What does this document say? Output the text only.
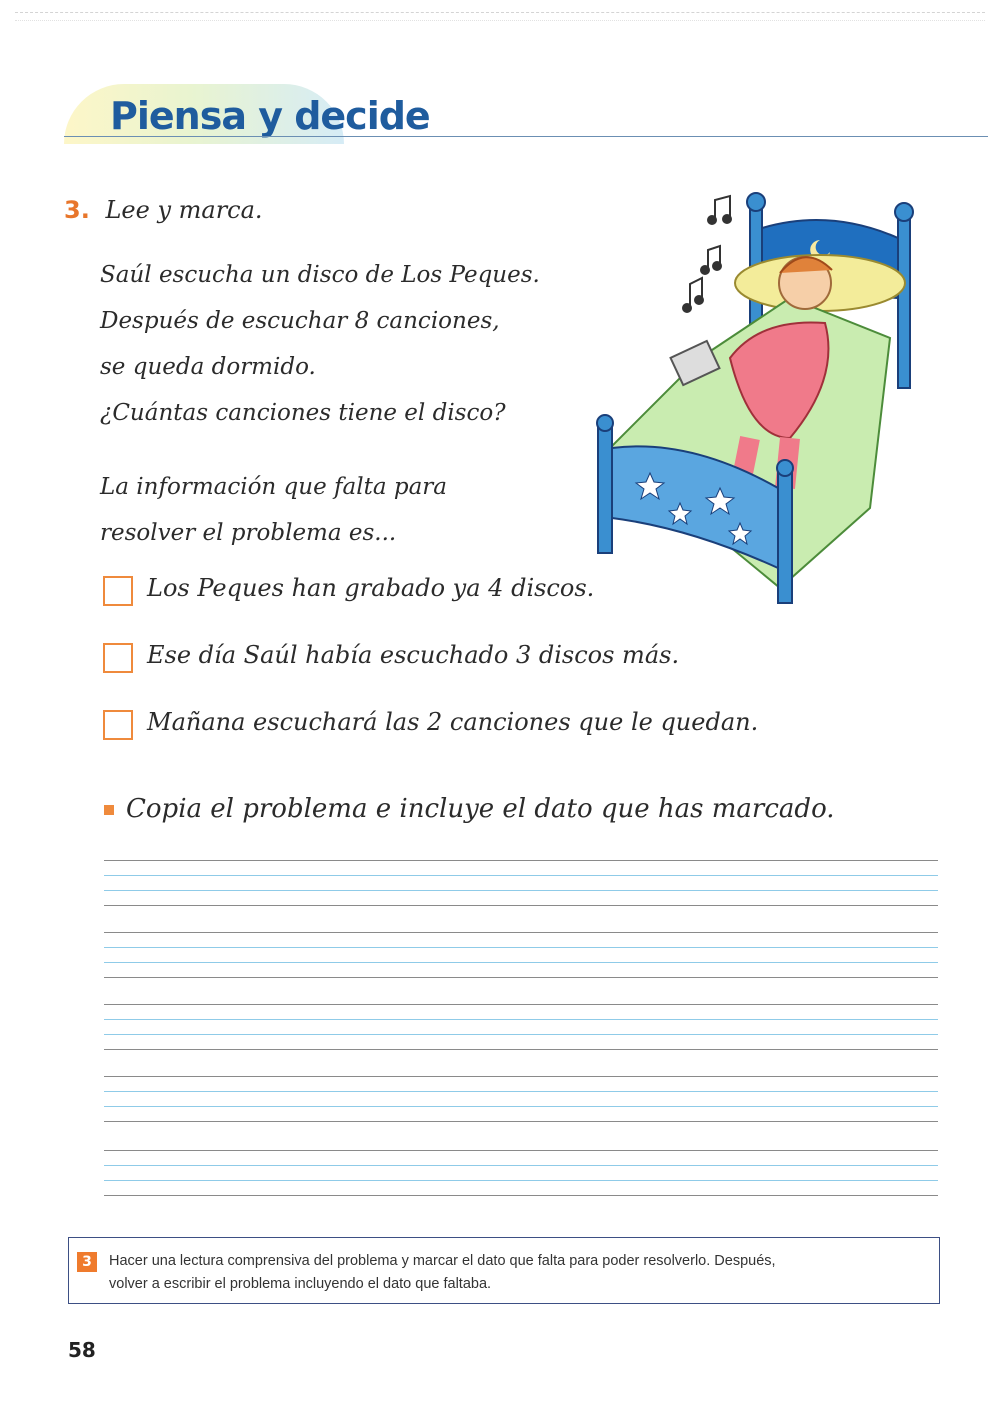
Piensa y decide
3. Lee y marca.
Saúl escucha un disco de Los Peques.
Después de escuchar 8 canciones,
se queda dormido.
¿Cuántas canciones tiene el disco?
La información que falta para
resolver el problema es...
Los Peques han grabado ya 4 discos.
Ese día Saúl había escuchado 3 discos más.
Mañana escuchará las 2 canciones que le quedan.
Copia el problema e incluye el dato que has marcado.
3	Hacer una lectura comprensiva del problema y marcar el dato que falta para poder resolverlo. Después,
volver a escribir el problema incluyendo el dato que faltaba.
58
